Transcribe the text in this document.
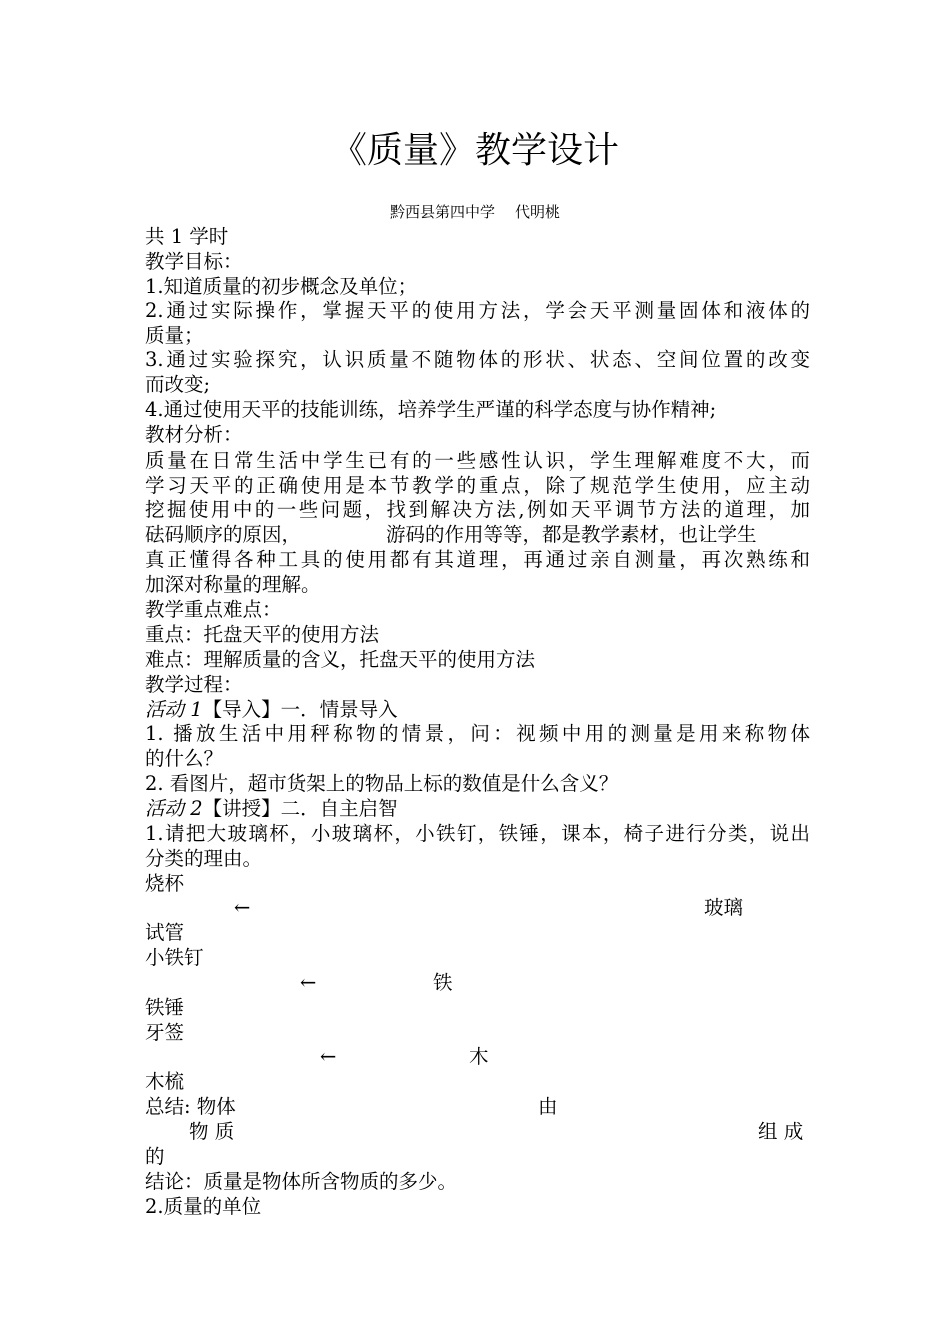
《质量》教学设计
黔西县第四中学 代明桃
共 1 学时
教学目标：
1.知道质量的初步概念及单位；
2.通过实际操作，掌握天平的使用方法，学会天平测量固体和液体的
质量；
3.通过实验探究，认识质量不随物体的形状、状态、空间位置的改变
而改变;
4.通过使用天平的技能训练，培养学生严谨的科学态度与协作精神;
教材分析：
质量在日常生活中学生已有的一些感性认识，学生理解难度不大，而
学习天平的正确使用是本节教学的重点，除了规范学生使用，应主动
挖掘使用中的一些问题，找到解决方法,例如天平调节方法的道理，加
砝码顺序的原因，	游码的作用等等，都是教学素材，也让学生
真正懂得各种工具的使用都有其道理，再通过亲自测量，再次熟练和
加深对称量的理解。
教学重点难点：
重点：托盘天平的使用方法
难点：理解质量的含义，托盘天平的使用方法
教学过程：
活动 1【导入】一．情景导入
1. 播放生活中用秤称物的情景，问：视频中用的测量是用来称物体
的什么？
2. 看图片，超市货架上的物品上标的数值是什么含义？
活动 2【讲授】二．自主启智
1.请把大玻璃杯，小玻璃杯，小铁钉，铁锤，课本，椅子进行分类，说出
分类的理由。
烧杯
←	玻璃
试管
小铁钉
←	铁
铁锤
牙签
←	木
木梳
总结: 物体	由
物 质	组 成
的
结论：质量是物体所含物质的多少。
2.质量的单位
